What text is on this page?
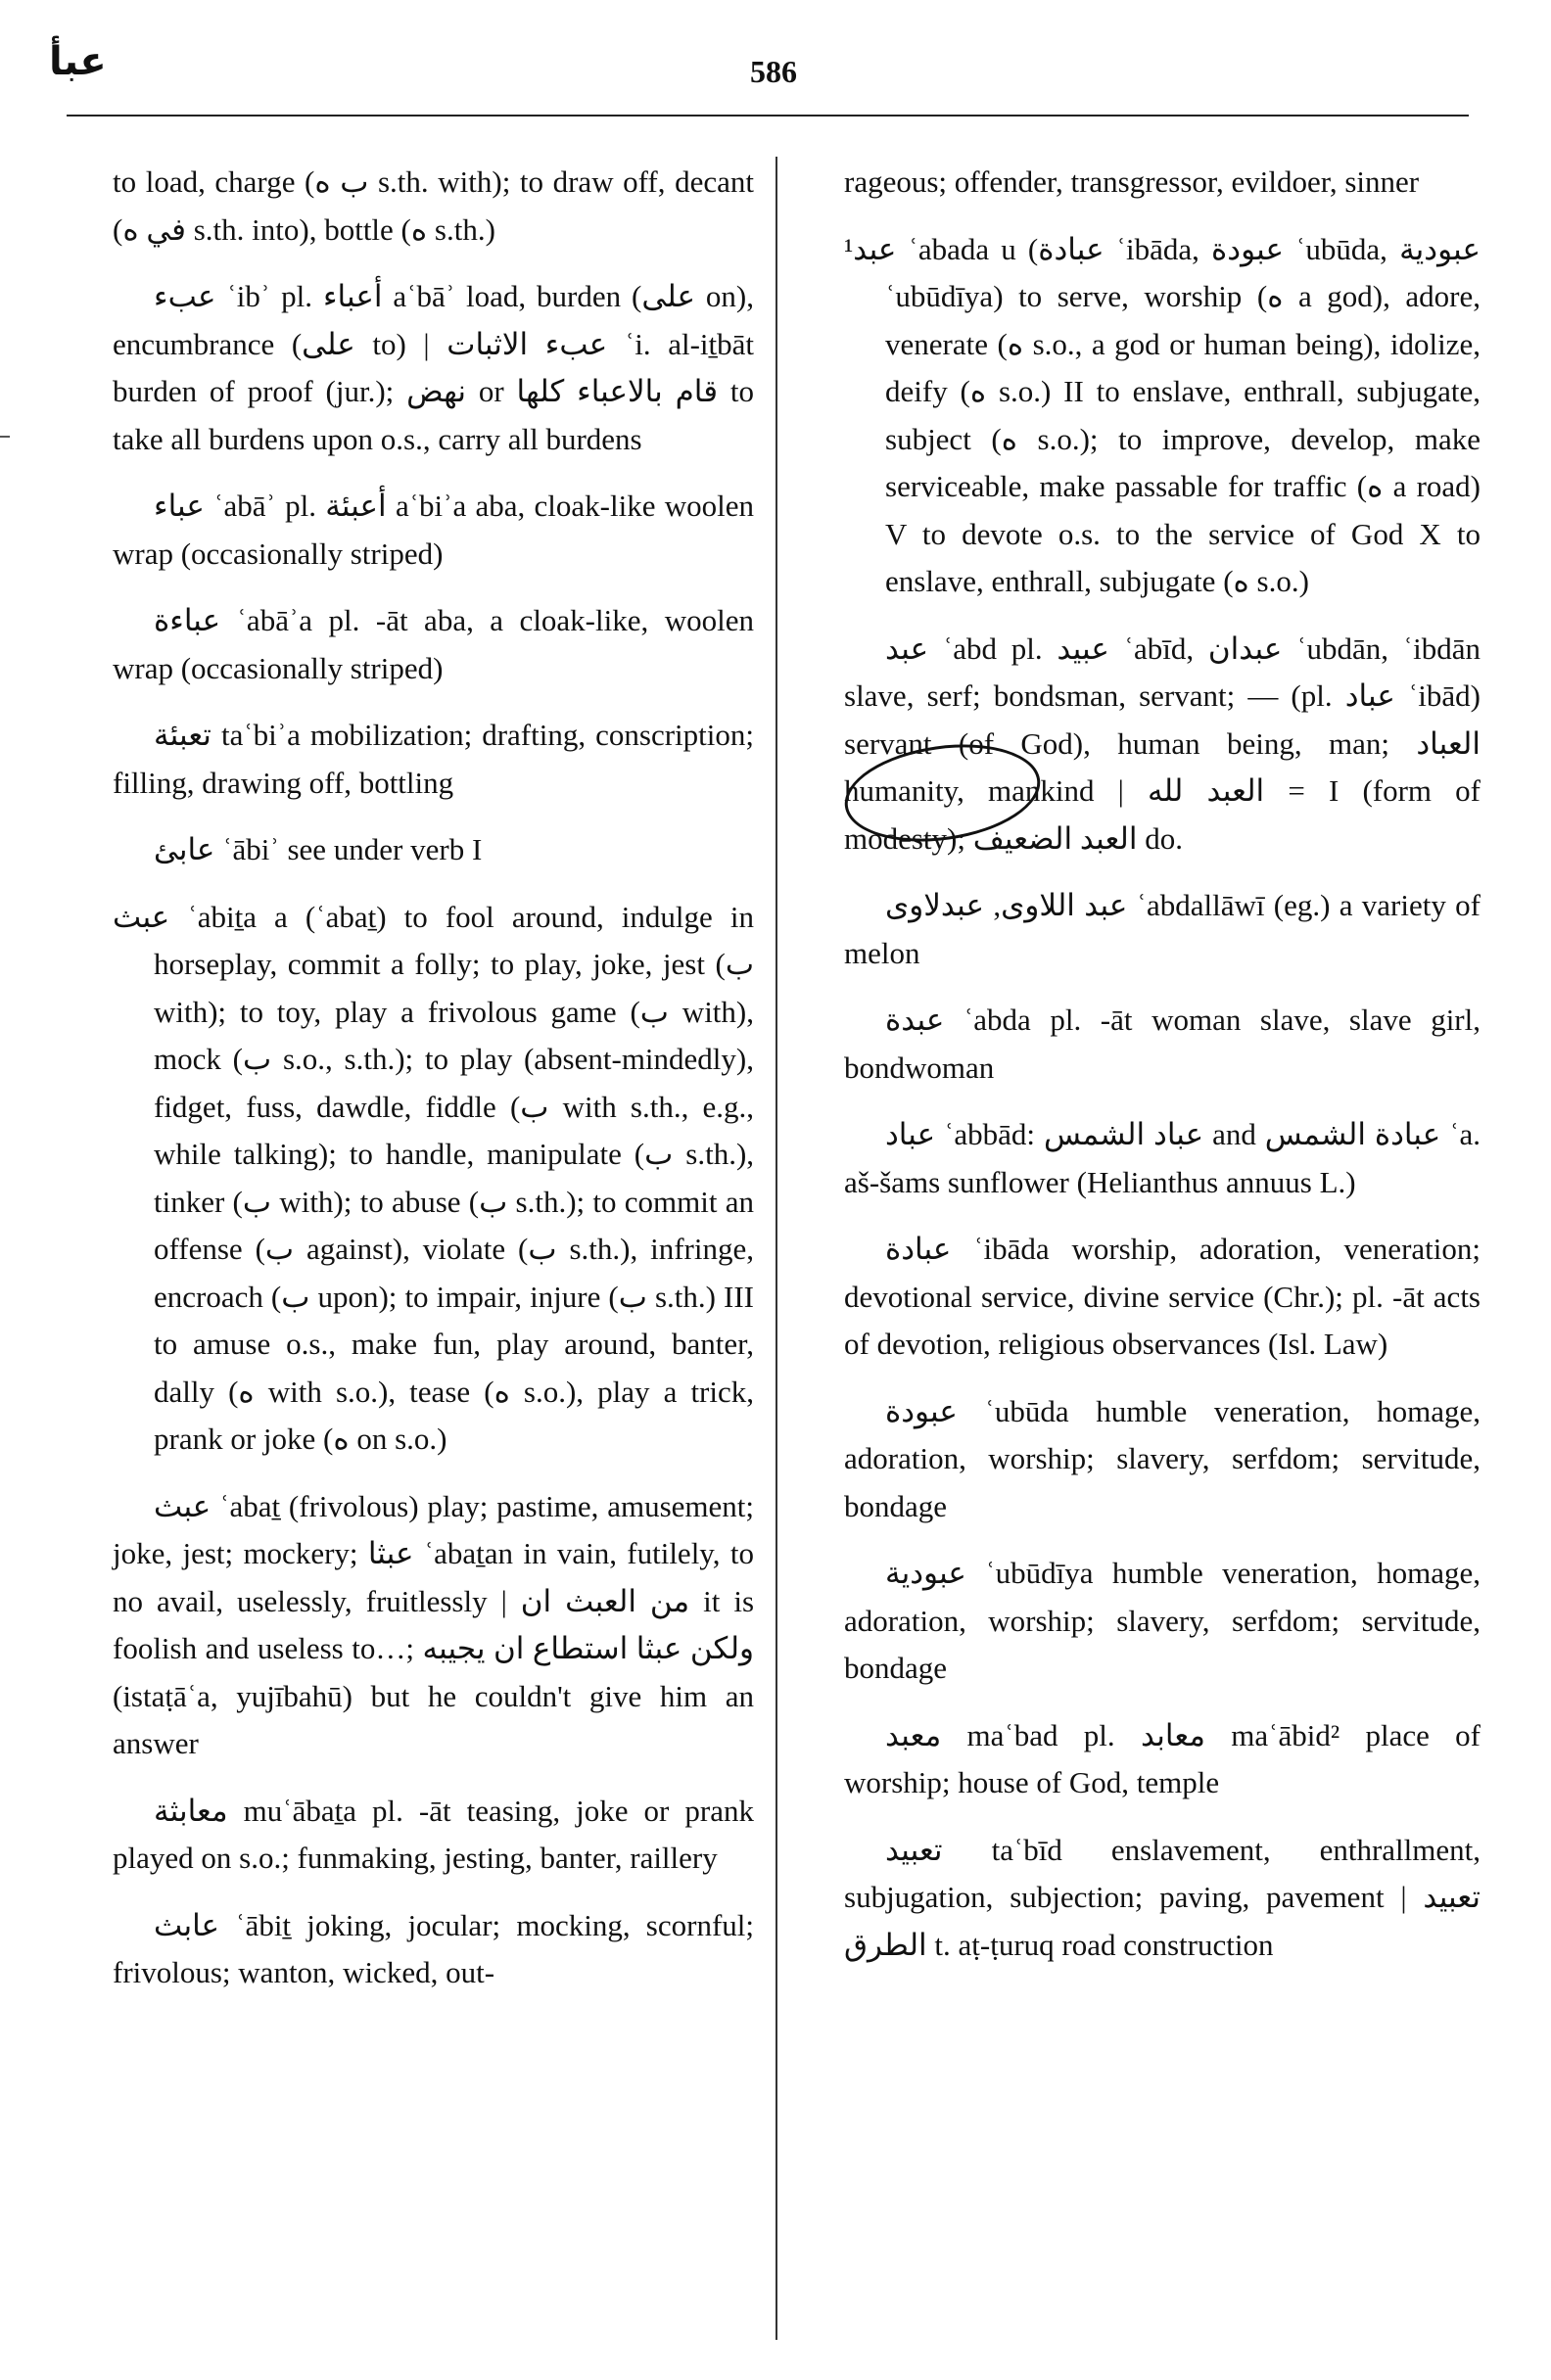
عبأ	586

to load, charge (ب ه s.th. with); to draw off, decant (في ه s.th. into), bottle (ه s.th.)

عبء ʿibʾ pl. أعباء aʿbāʾ load, burden (على on), encumbrance (على to) | عبء الاثبات ʿi. al-iṯbāt burden of proof (jur.); نهض or قام بالاعباء كلها to take all burdens upon o.s., carry all burdens

عباء ʿabāʾ pl. أعبئة aʿbiʾa aba, cloak-like woolen wrap (occasionally striped)

عباءة ʿabāʾa pl. -āt aba, a cloak-like, woolen wrap (occasionally striped)

تعبئة taʿbiʾa mobilization; drafting, conscription; filling, drawing off, bottling

عابئ ʿābiʾ see under verb I

عبث ʿabiṯa a (ʿabaṯ) to fool around, indulge in horseplay, commit a folly; to play, joke, jest (ب with); to toy, play a frivolous game (ب with), mock (ب s.o., s.th.); to play (absent-mindedly), fidget, fuss, dawdle, fiddle (ب with s.th., e.g., while talking); to handle, manipulate (ب s.th.), tinker (ب with); to abuse (ب s.th.); to commit an offense (ب against), violate (ب s.th.), infringe, encroach (ب upon); to impair, injure (ب s.th.) III to amuse o.s., make fun, play around, banter, dally (ه with s.o.), tease (ه s.o.), play a trick, prank or joke (ه on s.o.)

عبث ʿabaṯ (frivolous) play; pastime, amusement; joke, jest; mockery; عبثا ʿabaṯan in vain, futilely, to no avail, uselessly, fruitlessly | من العبث ان it is foolish and useless to…; ولكن عبثا استطاع ان يجيبه (istaṭāʿa, yujībahū) but he couldn't give him an answer

معابثة muʿābaṯa pl. -āt teasing, joke or prank played on s.o.; funmaking, jesting, banter, raillery

عابث ʿābiṯ joking, jocular; mocking, scornful; frivolous; wanton, wicked, out-

rageous; offender, transgressor, evildoer, sinner

¹عبد ʿabada u (عبادة ʿibāda, عبودة ʿubūda, عبودية ʿubūdīya) to serve, worship (ه a god), adore, venerate (ه s.o., a god or human being), idolize, deify (ه s.o.) II to enslave, enthrall, subjugate, subject (ه s.o.); to improve, develop, make serviceable, make passable for traffic (ه a road) V to devote o.s. to the service of God X to enslave, enthrall, subjugate (ه s.o.)

عبد ʿabd pl. عبيد ʿabīd, عبدان ʿubdān, ʿibdān slave, serf; bondsman, servant; — (pl. عباد ʿibād) servant (of God), human being, man; العباد humanity, mankind | العبد لله = I (form of modesty); العبد الضعيف do.

عبد اللاوى, عبدلاوى ʿabdallāwī (eg.) a variety of melon

عبدة ʿabda pl. -āt woman slave, slave girl, bondwoman

عباد ʿabbād: عباد الشمس and عبادة الشمس ʿa. aš-šams sunflower (Helianthus annuus L.)

عبادة ʿibāda worship, adoration, veneration; devotional service, divine service (Chr.); pl. -āt acts of devotion, religious observances (Isl. Law)

عبودة ʿubūda humble veneration, homage, adoration, worship; slavery, serfdom; servitude, bondage

عبودية ʿubūdīya humble veneration, homage, adoration, worship; slavery, serfdom; servitude, bondage

معبد maʿbad pl. معابد maʿābid² place of worship; house of God, temple

تعبيد taʿbīd enslavement, enthrallment, subjugation, subjection; paving, pavement | تعبيد الطرق t. aṭ-ṭuruq road construction
